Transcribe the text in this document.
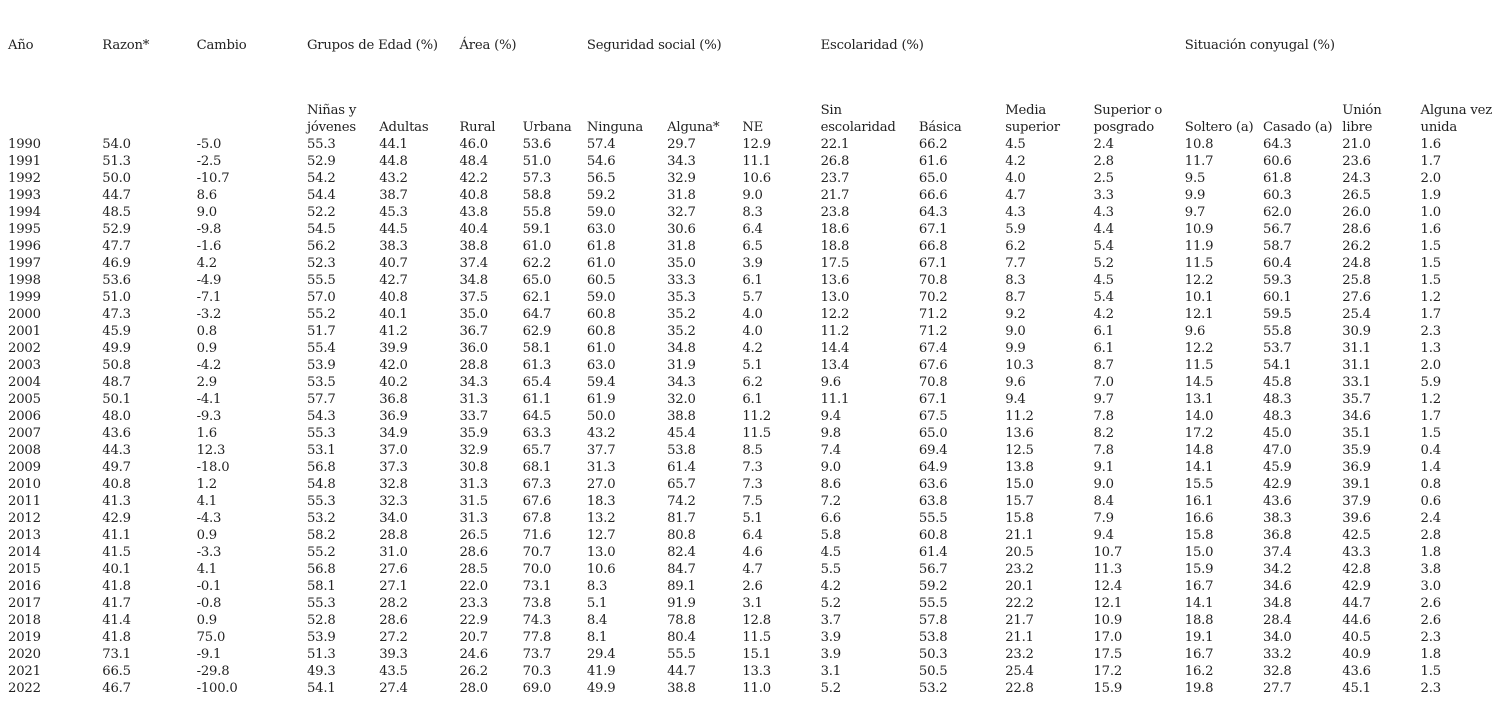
Año	Razon*	Cambio	Grupos de Edad (%)		Área (%)		Seguridad social (%)			Escolaridad (%)				Situación conyugal (%)			
			Niñas y jóvenes	Adultas	Rural	Urbana	Ninguna	Alguna*	NE	Sin escolaridad	Básica	Media superior	Superior o posgrado	Soltero (a)	Casado (a)	Unión libre	Alguna vez unida
1990	54.0	-5.0	55.3	44.1	46.0	53.6	57.4	29.7	12.9	22.1	66.2	4.5	2.4	10.8	64.3	21.0	1.6
1991	51.3	-2.5	52.9	44.8	48.4	51.0	54.6	34.3	11.1	26.8	61.6	4.2	2.8	11.7	60.6	23.6	1.7
1992	50.0	-10.7	54.2	43.2	42.2	57.3	56.5	32.9	10.6	23.7	65.0	4.0	2.5	9.5	61.8	24.3	2.0
1993	44.7	8.6	54.4	38.7	40.8	58.8	59.2	31.8	9.0	21.7	66.6	4.7	3.3	9.9	60.3	26.5	1.9
1994	48.5	9.0	52.2	45.3	43.8	55.8	59.0	32.7	8.3	23.8	64.3	4.3	4.3	9.7	62.0	26.0	1.0
1995	52.9	-9.8	54.5	44.5	40.4	59.1	63.0	30.6	6.4	18.6	67.1	5.9	4.4	10.9	56.7	28.6	1.6
1996	47.7	-1.6	56.2	38.3	38.8	61.0	61.8	31.8	6.5	18.8	66.8	6.2	5.4	11.9	58.7	26.2	1.5
1997	46.9	4.2	52.3	40.7	37.4	62.2	61.0	35.0	3.9	17.5	67.1	7.7	5.2	11.5	60.4	24.8	1.5
1998	53.6	-4.9	55.5	42.7	34.8	65.0	60.5	33.3	6.1	13.6	70.8	8.3	4.5	12.2	59.3	25.8	1.5
1999	51.0	-7.1	57.0	40.8	37.5	62.1	59.0	35.3	5.7	13.0	70.2	8.7	5.4	10.1	60.1	27.6	1.2
2000	47.3	-3.2	55.2	40.1	35.0	64.7	60.8	35.2	4.0	12.2	71.2	9.2	4.2	12.1	59.5	25.4	1.7
2001	45.9	0.8	51.7	41.2	36.7	62.9	60.8	35.2	4.0	11.2	71.2	9.0	6.1	9.6	55.8	30.9	2.3
2002	49.9	0.9	55.4	39.9	36.0	58.1	61.0	34.8	4.2	14.4	67.4	9.9	6.1	12.2	53.7	31.1	1.3
2003	50.8	-4.2	53.9	42.0	28.8	61.3	63.0	31.9	5.1	13.4	67.6	10.3	8.7	11.5	54.1	31.1	2.0
2004	48.7	2.9	53.5	40.2	34.3	65.4	59.4	34.3	6.2	9.6	70.8	9.6	7.0	14.5	45.8	33.1	5.9
2005	50.1	-4.1	57.7	36.8	31.3	61.1	61.9	32.0	6.1	11.1	67.1	9.4	9.7	13.1	48.3	35.7	1.2
2006	48.0	-9.3	54.3	36.9	33.7	64.5	50.0	38.8	11.2	9.4	67.5	11.2	7.8	14.0	48.3	34.6	1.7
2007	43.6	1.6	55.3	34.9	35.9	63.3	43.2	45.4	11.5	9.8	65.0	13.6	8.2	17.2	45.0	35.1	1.5
2008	44.3	12.3	53.1	37.0	32.9	65.7	37.7	53.8	8.5	7.4	69.4	12.5	7.8	14.8	47.0	35.9	0.4
2009	49.7	-18.0	56.8	37.3	30.8	68.1	31.3	61.4	7.3	9.0	64.9	13.8	9.1	14.1	45.9	36.9	1.4
2010	40.8	1.2	54.8	32.8	31.3	67.3	27.0	65.7	7.3	8.6	63.6	15.0	9.0	15.5	42.9	39.1	0.8
2011	41.3	4.1	55.3	32.3	31.5	67.6	18.3	74.2	7.5	7.2	63.8	15.7	8.4	16.1	43.6	37.9	0.6
2012	42.9	-4.3	53.2	34.0	31.3	67.8	13.2	81.7	5.1	6.6	55.5	15.8	7.9	16.6	38.3	39.6	2.4
2013	41.1	0.9	58.2	28.8	26.5	71.6	12.7	80.8	6.4	5.8	60.8	21.1	9.4	15.8	36.8	42.5	2.8
2014	41.5	-3.3	55.2	31.0	28.6	70.7	13.0	82.4	4.6	4.5	61.4	20.5	10.7	15.0	37.4	43.3	1.8
2015	40.1	4.1	56.8	27.6	28.5	70.0	10.6	84.7	4.7	5.5	56.7	23.2	11.3	15.9	34.2	42.8	3.8
2016	41.8	-0.1	58.1	27.1	22.0	73.1	8.3	89.1	2.6	4.2	59.2	20.1	12.4	16.7	34.6	42.9	3.0
2017	41.7	-0.8	55.3	28.2	23.3	73.8	5.1	91.9	3.1	5.2	55.5	22.2	12.1	14.1	34.8	44.7	2.6
2018	41.4	0.9	52.8	28.6	22.9	74.3	8.4	78.8	12.8	3.7	57.8	21.7	10.9	18.8	28.4	44.6	2.6
2019	41.8	75.0	53.9	27.2	20.7	77.8	8.1	80.4	11.5	3.9	53.8	21.1	17.0	19.1	34.0	40.5	2.3
2020	73.1	-9.1	51.3	39.3	24.6	73.7	29.4	55.5	15.1	3.9	50.3	23.2	17.5	16.7	33.2	40.9	1.8
2021	66.5	-29.8	49.3	43.5	26.2	70.3	41.9	44.7	13.3	3.1	50.5	25.4	17.2	16.2	32.8	43.6	1.5
2022	46.7	-100.0	54.1	27.4	28.0	69.0	49.9	38.8	11.0	5.2	53.2	22.8	15.9	19.8	27.7	45.1	2.3
